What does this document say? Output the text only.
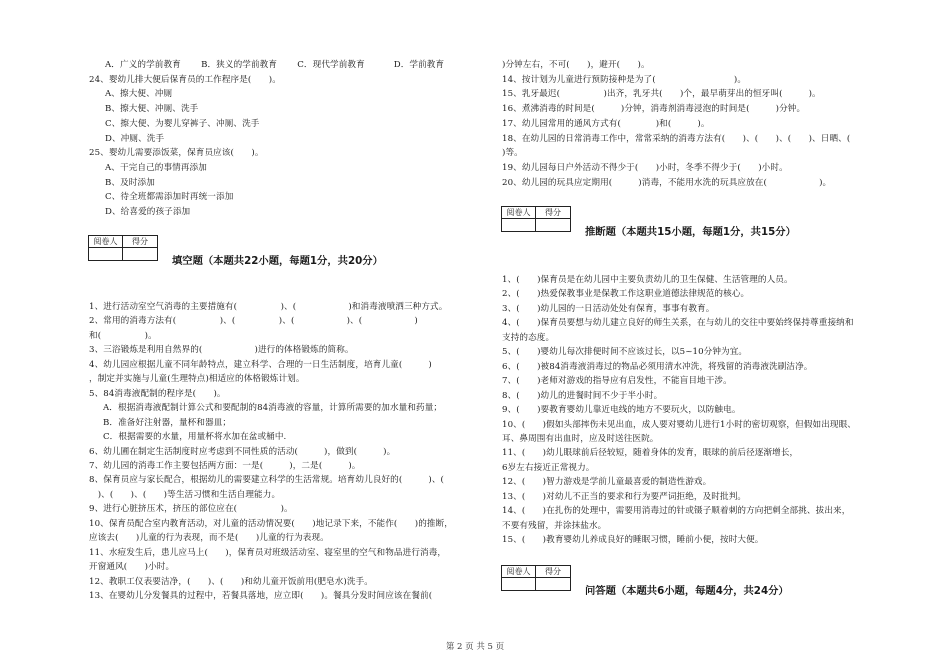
A．广义的学前教育 　　B．狭义的学前教育 　　C．现代学前教育 　　　D．学前教育
24、婴幼儿排大便后保育员的工作程序是(　　)。
A、擦大便、冲厕
B、擦大便、冲厕、洗手
C、擦大便、为婴儿穿裤子、冲厕、洗手
D、冲厕、洗手
25、婴幼儿需要添饭菜，保育员应该(　　)。
A、干完自己的事情再添加
B、及时添加
C、待全班都需添加时再统一添加
D、给喜爱的孩子添加
阅卷人	得分
填空题（本题共22小题，每题1分，共20分）
1、进行活动室空气消毒的主要措施有(　　　　　)、(　　　　　　)和消毒液喷洒三种方式。
2、常用的消毒方法有(　　　　　)、(　　　　　)、(　　　　　　)、(　　　　　　)
和(　　　　　)。
3、三浴锻炼是利用自然界的(　　　　　　)进行的体格锻炼的简称。
4、幼儿园应根据儿童不同年龄特点，建立科学、合理的一日生活制度，培育儿童(　　　)
，制定并实施与儿童(生理特点)相适应的体格锻炼计划。
5、84消毒液配制的程序是(　　)。
A．根据消毒液配制计算公式和要配制的84消毒液的容量，计算所需要的加水量和药量；
B．准备好注射器，量杯和器皿；
C．根据需要的水量，用量杯将水加在盆或桶中.
6、幼儿圃在制定生活制度时应考虑到不同性质的活动(　　　)，做到(　　　)。
7、幼儿园的消毒工作主要包括两方面：一是(　　　)，二是(　　　)。
8、保育员应与家长配合，根据幼儿的需要建立科学的生活常规。培育幼儿良好的(　　　)、(
　)、(　　)、(　　)等生活习惯和生活自理能力。
9、进行心脏挤压术，挤压的部位应在(　　　　　)。
10、保育员配合室内教育活动，对儿童的活动情况要(　　)地记录下来，不能作(　　)的推断，
应该去(　　)儿童的行为表现，而不是(　　)儿童的行为表现。
11、水痘发生后，患儿应马上(　　)，保育员对班级活动室、寝室里的空气和物品进行消毒，
开窗通风(　　)小时。
12、教职工仪表要洁净，(　　)、(　　)和幼儿童开饭前用(肥皂水)洗手。
13、在婴幼儿分发餐具的过程中，若餐具落地，应立即(　　)。餐具分发时间应该在餐前(
)分钟左右，不可(　　)，避开(　　)。
14、按计划为儿童进行预防接种是为了(　　　　　　　　　)。
15、乳牙最迟(　　　　　)出齐，乳牙共(　　)个，最早萌芽出的恒牙叫(　　　)。
16、煮沸消毒的时间是(　　　)分钟，消毒剂消毒浸泡的时间是(　　　)分钟。
17、幼儿园常用的通风方式有(　　　　)和(　　　)。
18、在幼儿园的日常消毒工作中，常常采纳的消毒方法有(　　)、(　　)、(　　)、日晒、(　　
)等。
19、幼儿园每日户外活动不得少于(　　)小时，冬季不得少于(　　)小时。
20、幼儿园的玩具应定期用(　　　)消毒，不能用水洗的玩具应放在(　　　　　　)。
阅卷人	得分
推断题（本题共15小题，每题1分，共15分）
1、(　　)保育员是在幼儿园中主要负责幼儿的卫生保健、生活管理的人员。
2、(　　)热爱保教事业是保教工作这职业道德法律规范的核心。
3、(　　)幼儿园的一日活动处处有保育，事事有教育。
4、(　　)保育员要想与幼儿建立良好的师生关系，在与幼儿的交往中要始终保持尊重接纳和
支持的态度。
5、(　　)婴幼儿每次排便时间不应该过长，以5~10分钟为宜。
6、(　　)被84消毒液消毒过的物品必须用清水冲洗，将残留的消毒液洗刷洁净。
7、(　　)老师对游戏的指导应有启发性，不能盲目地干涉。
8、(　　)幼儿的进餐时间不少于半小时。
9、(　　)要教育婴幼儿靠近电线的地方不要玩火，以防触电。
10、(　　)假如头部摔伤未见出血，成人要对婴幼儿进行1小时的密切观察，但假如出现眼、
耳、鼻周围有出血时，应及时送往医院。
11、(　　)幼儿眼球前后径较短，随着身体的发育，眼球的前后径逐渐增长，
6岁左右接近正常视力。
12、(　　)智力游戏是学前儿童最喜爱的制造性游戏。
13、(　　)对幼儿不正当的要求和行为要严词拒绝，及时批判。
14、(　　)在扎伤的处理中，需要用消毒过的针或镊子顺着刺的方向把刺全部挑、拔出来，
不要有残留，并涂抹盐水。
15、(　　)教育婴幼儿养成良好的睡眠习惯，睡前小便，按时大便。
阅卷人	得分
问答题（本题共6小题，每题4分，共24分）
第 2 页 共 5 页
